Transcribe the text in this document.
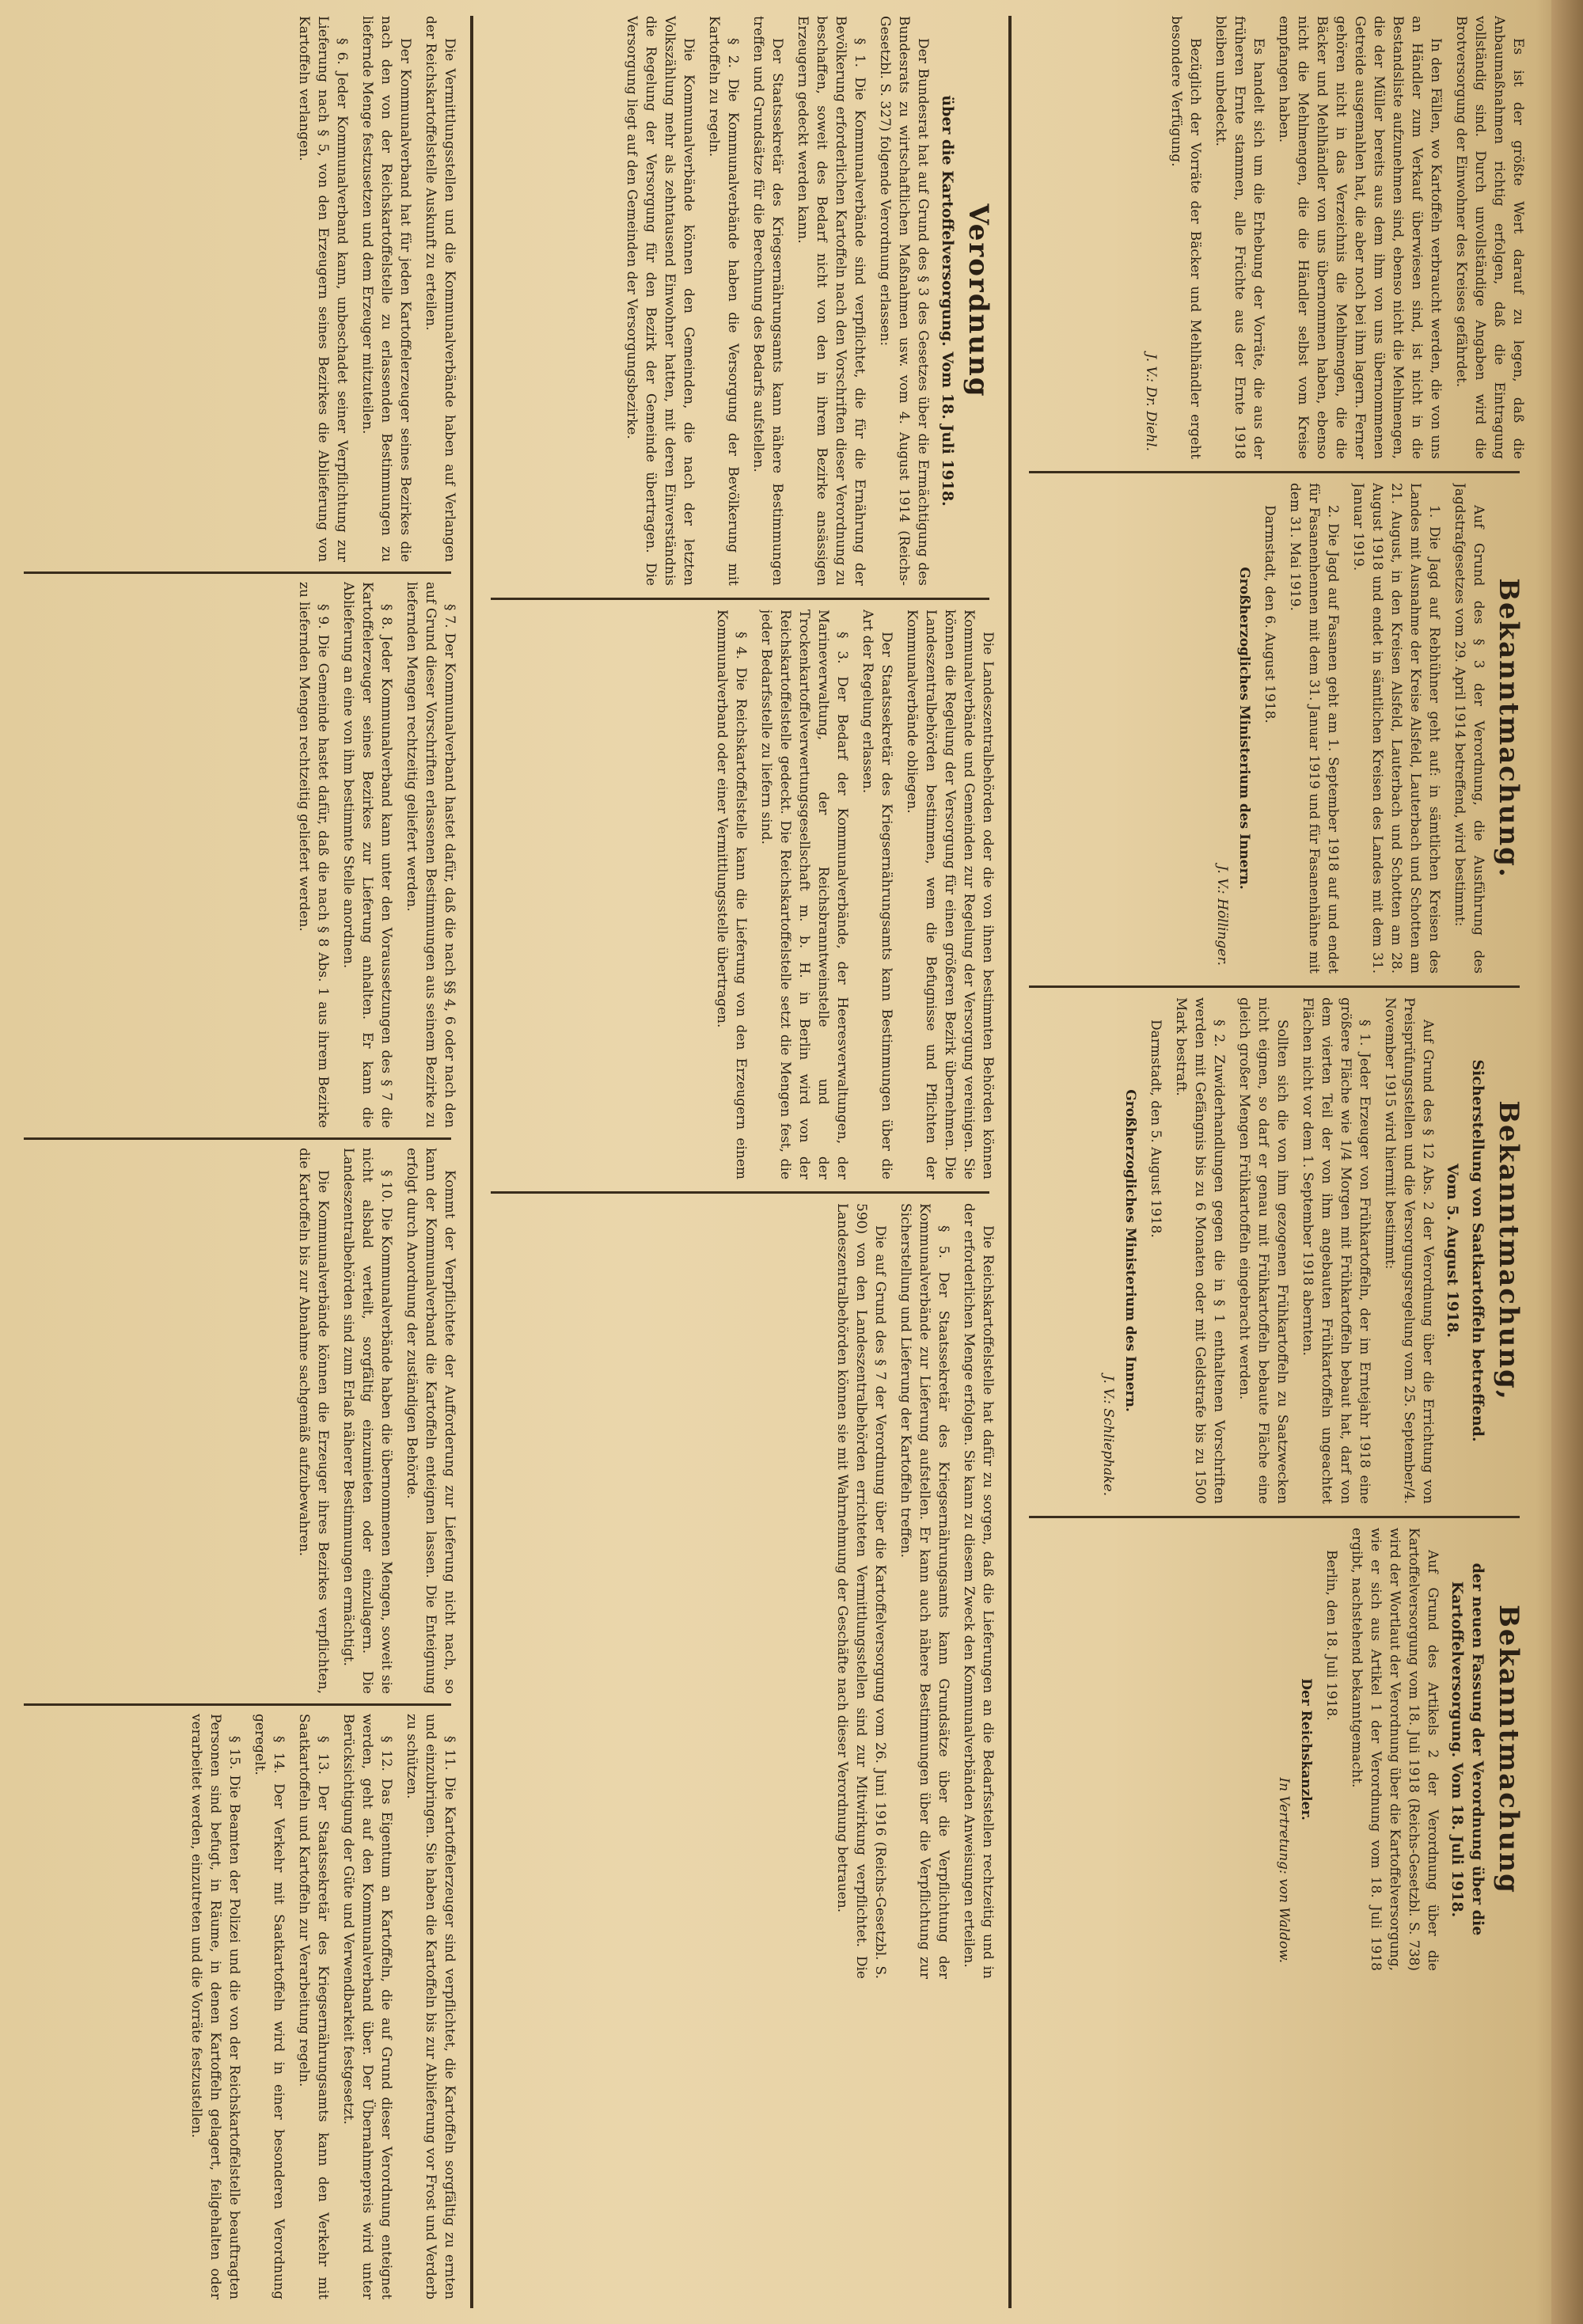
Es ist der größte Wert darauf zu legen, daß die Anbaumaßnahmen richtig erfolgen, daß die Eintragung vollständig sind. Durch unvollständige Angaben wird die Brotversorgung der Einwohner des Kreises gefährdet.

In den Fällen, wo Kartoffeln verbraucht werden, die von uns an Händler zum Verkauf überwiesen sind, ist nicht in die Bestandsliste aufzunehmen sind, ebenso nicht die Mehlmengen, die der Müller bereits aus dem ihm von uns übernommenen Getreide ausgemahlen hat, die aber noch bei ihm lagern. Ferner gehören nicht in das Verzeichnis die Mehlmengen, die die Bäcker und Mehlhändler von uns übernommen haben, ebenso nicht die Mehlmengen, die die Händler selbst vom Kreise empfangen haben.

Es handelt sich um die Erhebung der Vorräte, die aus der früheren Ernte stammen, alle Früchte aus der Ernte 1918 bleiben unbedeckt.

Bezüglich der Vorräte der Bäcker und Mehlhändler ergeht besondere Verfügung.

J. V.: Dr. Diehl.
Bekanntmachung.

Auf Grund des § 3 der Verordnung, die Ausführung des Jagdstrafgesetzes vom 29. April 1914 betreffend, wird bestimmt:

1. Die Jagd auf Rebhühner geht auf: in sämtlichen Kreisen des Landes mit Ausnahme der Kreise Alsfeld, Lauterbach und Schotten am 21. August, in den Kreisen Alsfeld, Lauterbach und Schotten am 28. August 1918 und endet in sämtlichen Kreisen des Landes mit dem 31. Januar 1919.

2. Die Jagd auf Fasanen geht am 1. September 1918 auf und endet für Fasanenhennen mit dem 31. Januar 1919 und für Fasanenhähne mit dem 31. Mai 1919.

Darmstadt, den 6. August 1918.

Großherzogliches Ministerium des Innern.
J. V.: Höllinger.
Bekanntmachung,
Sicherstellung von Saatkartoffeln betreffend.
Vom 5. August 1918.

Auf Grund des § 12 Abs. 2 der Verordnung über die Errichtung von Preisprüfungsstellen und die Versorgungsregelung vom 25. September/4. November 1915 wird hiermit bestimmt:

§ 1. Jeder Erzeuger von Frühkartoffeln, der im Erntejahr 1918 eine größere Fläche wie 1/4 Morgen mit Frühkartoffeln bebaut hat, darf von dem vierten Teil der von ihm angebauten Frühkartoffeln ungeachtet Flächen nicht vor dem 1. September 1918 abernten.

Sollten sich die von ihm gezogenen Frühkartoffeln zu Saatzwecken nicht eignen, so darf er genau mit Frühkartoffeln bebaute Fläche eine gleich großer Mengen Frühkartoffeln eingebracht werden.

§ 2. Zuwiderhandlungen gegen die in § 1 enthaltenen Vorschriften werden mit Gefängnis bis zu 6 Monaten oder mit Geldstrafe bis zu 1500 Mark bestraft.

Darmstadt, den 5. August 1918.

Großherzogliches Ministerium des Innern.
J. V.: Schliephake.
Bekanntmachung
der neuen Fassung der Verordnung über die Kartoffelversorgung. Vom 18. Juli 1918.

Auf Grund des Artikels 2 der Verordnung über die Kartoffelversorgung vom 18. Juli 1918 (Reichs-Gesetzbl. S. 738) wird der Wortlaut der Verordnung über die Kartoffelversorgung, wie er sich aus Artikel 1 der Verordnung vom 18. Juli 1918 ergibt, nachstehend bekanntgemacht.

Berlin, den 18. Juli 1918.

Der Reichskanzler.
In Vertretung: von Waldow.
Verordnung
über die Kartoffelversorgung. Vom 18. Juli 1918.

Der Bundesrat hat auf Grund des § 3 des Gesetzes über die Ermächtigung des Bundesrats zu wirtschaftlichen Maßnahmen usw. vom 4. August 1914 (Reichs-Gesetzbl. S. 327) folgende Verordnung erlassen:

§ 1. Die Kommunalverbände sind verpflichtet, die für die Ernährung der Bevölkerung erforderlichen Kartoffeln nach den Vorschriften dieser Verordnung zu beschaffen, soweit des Bedarf nicht von den in ihrem Bezirke ansässigen Erzeugern gedeckt werden kann.

Der Staatssekretär des Kriegsernährungsamts kann nähere Bestimmungen treffen und Grundsätze für die Berechnung des Bedarfs aufstellen.

§ 2. Die Kommunalverbände haben die Versorgung der Bevölkerung mit Kartoffeln zu regeln.

Die Kommunalverbände können den Gemeinden, die nach der letzten Volkszählung mehr als zehntausend Einwohner hatten, mit deren Einverständnis die Regelung der Versorgung für den Bezirk der Gemeinde übertragen. Die Versorgung liegt auf den Gemeinden der Versorgungsbezirke.

Die Landeszentralbehörden oder die von ihnen bestimmten Behörden können Kommunalverbände und Gemeinden zur Regelung der Versorgung vereinigen. Sie können die Regelung der Versorgung für einen größeren Bezirk übernehmen. Die Landeszentralbehörden bestimmen, wem die Befugnisse und Pflichten der Kommunalverbände obliegen.

Der Staatssekretär des Kriegsernährungsamts kann Bestimmungen über die Art der Regelung erlassen.

§ 3. Der Bedarf der Kommunalverbände, der Heeresverwaltungen, der Marineverwaltung, der Reichsbranntweinstelle und der Trockenkartoffelverwertungsgesellschaft m. b. H. in Berlin wird von der Reichskartoffelstelle gedeckt. Die Reichskartoffelstelle setzt die Mengen fest, die jeder Bedarfsstelle zu liefern sind.

§ 4. Die Reichskartoffelstelle kann die Lieferung von den Erzeugern einem Kommunalverband oder einer Vermittlungsstelle übertragen.

Die Reichskartoffelstelle hat dafür zu sorgen, daß die Lieferungen an die Bedarfsstellen rechtzeitig und in der erforderlichen Menge erfolgen. Sie kann zu diesem Zweck den Kommunalverbänden Anweisungen erteilen.

§ 5. Der Staatssekretär des Kriegsernährungsamts kann Grundsätze über die Verpflichtung der Kommunalverbände zur Lieferung aufstellen. Er kann auch nähere Bestimmungen über die Verpflichtung zur Sicherstellung und Lieferung der Kartoffeln treffen.

Die auf Grund des § 7 der Verordnung über die Kartoffelversorgung vom 26. Juni 1916 (Reichs-Gesetzbl. S. 590) von den Landeszentralbehörden errichteten Vermittlungsstellen sind zur Mitwirkung verpflichtet. Die Landeszentralbehörden können sie mit Wahrnehmung der Geschäfte nach dieser Verordnung betrauen.

Die Vermittlungsstellen und die Kommunalverbände haben auf Verlangen der Reichskartoffelstelle Auskunft zu erteilen.

Der Kommunalverband hat für jeden Kartoffelerzeuger seines Bezirkes die nach den von der Reichskartoffelstelle zu erlassenden Bestimmungen zu liefernde Menge festzusetzen und dem Erzeuger mitzuteilen.

§ 6. Jeder Kommunalverband kann, unbeschadet seiner Verpflichtung zur Lieferung nach § 5, von den Erzeugern seines Bezirkes die Ablieferung von Kartoffeln verlangen.

§ 7. Der Kommunalverband hastet dafür, daß die nach §§ 4, 6 oder nach den auf Grund dieser Vorschriften erlassenen Bestimmungen aus seinem Bezirke zu liefernden Mengen rechtzeitig geliefert werden.

§ 8. Jeder Kommunalverband kann unter den Voraussetzungen des § 7 die Kartoffelerzeuger seines Bezirkes zur Lieferung anhalten. Er kann die Ablieferung an eine von ihm bestimmte Stelle anordnen.

§ 9. Die Gemeinde hastet dafür, daß die nach § 8 Abs. 1 aus ihrem Bezirke zu liefernden Mengen rechtzeitig geliefert werden.

Kommt der Verpflichtete der Aufforderung zur Lieferung nicht nach, so kann der Kommunalverband die Kartoffeln enteignen lassen. Die Enteignung erfolgt durch Anordnung der zuständigen Behörde.

§ 10. Die Kommunalverbände haben die übernommenen Mengen, soweit sie nicht alsbald verteilt, sorgfältig einzumieten oder einzulagern. Die Landeszentralbehörden sind zum Erlaß näherer Bestimmungen ermächtigt.

Die Kommunalverbände können die Erzeuger ihres Bezirkes verpflichten, die Kartoffeln bis zur Abnahme sachgemäß aufzubewahren.

§ 11. Die Kartoffelerzeuger sind verpflichtet, die Kartoffeln sorgfältig zu ernten und einzubringen. Sie haben die Kartoffeln bis zur Ablieferung vor Frost und Verderb zu schützen.

§ 12. Das Eigentum an Kartoffeln, die auf Grund dieser Verordnung enteignet werden, geht auf den Kommunalverband über. Der Übernahmepreis wird unter Berücksichtigung der Güte und Verwendbarkeit festgesetzt.

§ 13. Der Staatssekretär des Kriegsernährungsamts kann den Verkehr mit Saatkartoffeln und Kartoffeln zur Verarbeitung regeln.

§ 14. Der Verkehr mit Saatkartoffeln wird in einer besonderen Verordnung geregelt.

§ 15. Die Beamten der Polizei und die von der Reichskartoffelstelle beauftragten Personen sind befugt, in Räume, in denen Kartoffeln gelagert, feilgehalten oder verarbeitet werden, einzutreten und die Vorräte festzustellen.
